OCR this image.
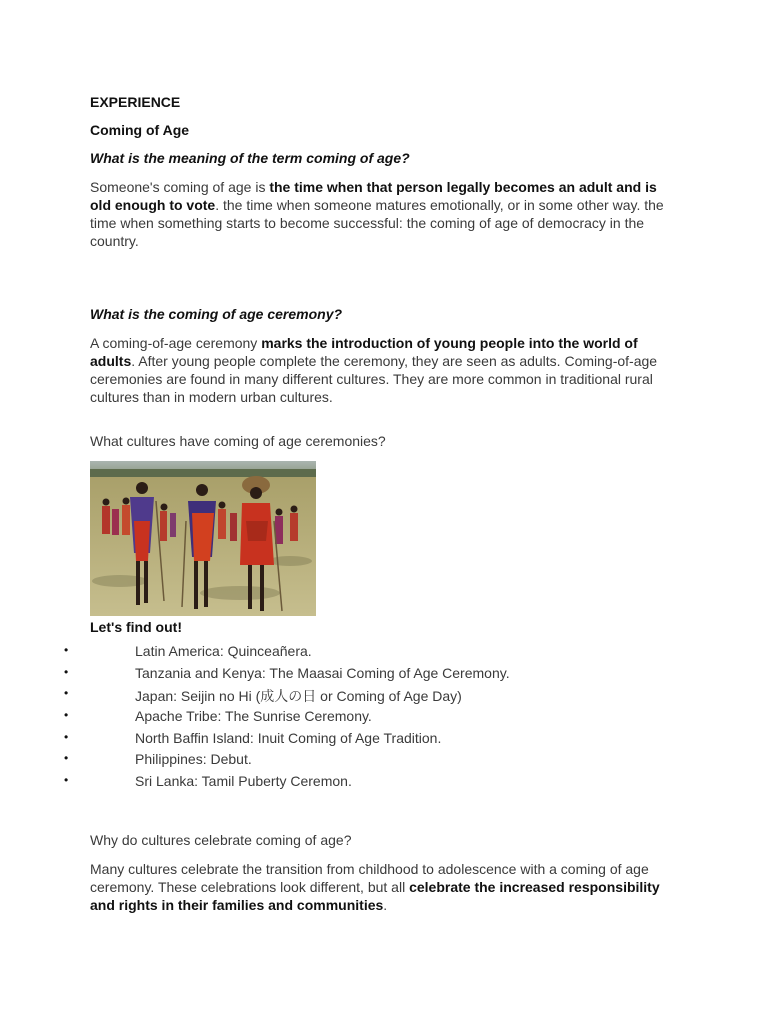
EXPERIENCE

Coming of Age

What is the meaning of the term coming of age?

Someone's coming of age is the time when that person legally becomes an adult and is old enough to vote. the time when someone matures emotionally, or in some other way. the time when something starts to become successful: the coming of age of democracy in the country.

What is the coming of age ceremony?

A coming-of-age ceremony marks the introduction of young people into the world of adults. After young people complete the ceremony, they are seen as adults. Coming-of-age ceremonies are found in many different cultures. They are more common in traditional rural cultures than in modern urban cultures.

What cultures have coming of age ceremonies?

Let's find out!

•	Latin America: Quinceañera.
•	Tanzania and Kenya: The Maasai Coming of Age Ceremony.
•	Japan: Seijin no Hi (成人の日 or Coming of Age Day)
•	Apache Tribe: The Sunrise Ceremony.
•	North Baffin Island: Inuit Coming of Age Tradition.
•	Philippines: Debut.
•	Sri Lanka: Tamil Puberty Ceremon.

Why do cultures celebrate coming of age?

Many cultures celebrate the transition from childhood to adolescence with a coming of age ceremony. These celebrations look different, but all celebrate the increased responsibility and rights in their families and communities.
